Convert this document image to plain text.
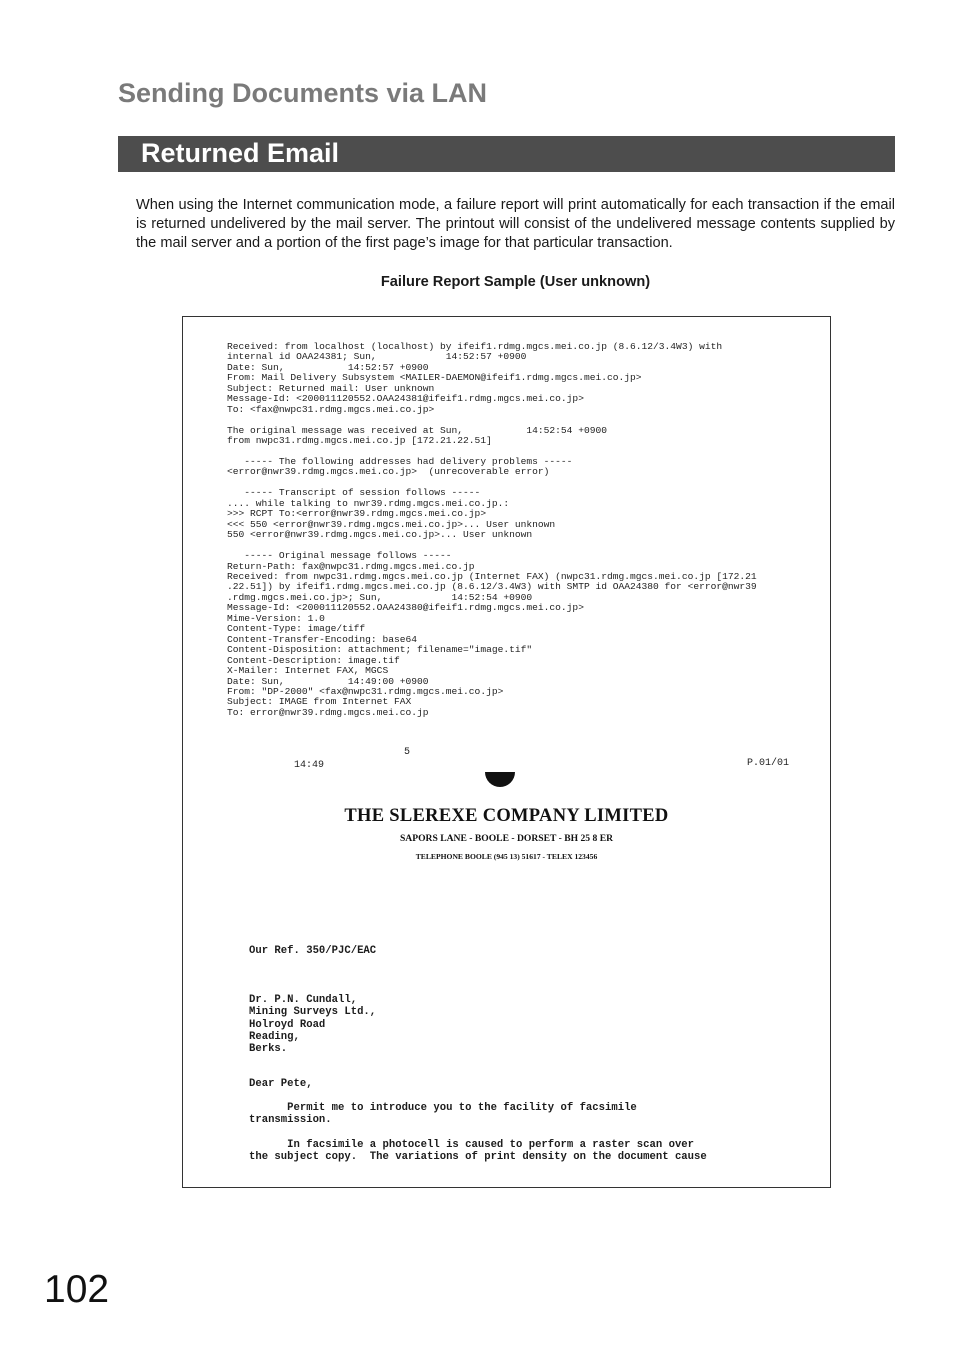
Sending Documents via LAN
Returned Email

When using the Internet communication mode, a failure report will print automatically for each transaction if the email is returned undelivered by the mail server. The printout will consist of the undelivered message contents supplied by the mail server and a portion of the first page’s image for that particular transaction.

Failure Report Sample (User unknown)

Received: from localhost (localhost) by ifeif1.rdmg.mgcs.mei.co.jp (8.6.12/3.4W3) with
internal id OAA24381; Sun,            14:52:57 +0900
Date: Sun,           14:52:57 +0900
From: Mail Delivery Subsystem <MAILER-DAEMON@ifeif1.rdmg.mgcs.mei.co.jp>
Subject: Returned mail: User unknown
Message-Id: <200011120552.OAA24381@ifeif1.rdmg.mgcs.mei.co.jp>
To: <fax@nwpc31.rdmg.mgcs.mei.co.jp>

The original message was received at Sun,           14:52:54 +0900
from nwpc31.rdmg.mgcs.mei.co.jp [172.21.22.51]

----- The following addresses had delivery problems -----
<error@nwr39.rdmg.mgcs.mei.co.jp>  (unrecoverable error)

----- Transcript of session follows -----
.... while talking to nwr39.rdmg.mgcs.mei.co.jp.:
>>> RCPT To:<error@nwr39.rdmg.mgcs.mei.co.jp>
<<< 550 <error@nwr39.rdmg.mgcs.mei.co.jp>... User unknown
550 <error@nwr39.rdmg.mgcs.mei.co.jp>... User unknown

----- Original message follows -----
Return-Path: fax@nwpc31.rdmg.mgcs.mei.co.jp
Received: from nwpc31.rdmg.mgcs.mei.co.jp (Internet FAX) (nwpc31.rdmg.mgcs.mei.co.jp [172.21
.22.51]) by ifeif1.rdmg.mgcs.mei.co.jp (8.6.12/3.4W3) with SMTP id OAA24380 for <error@nwr39
.rdmg.mgcs.mei.co.jp>; Sun,            14:52:54 +0900
Message-Id: <200011120552.OAA24380@ifeif1.rdmg.mgcs.mei.co.jp>
Mime-Version: 1.0
Content-Type: image/tiff
Content-Transfer-Encoding: base64
Content-Disposition: attachment; filename="image.tif"
Content-Description: image.tif
X-Mailer: Internet FAX, MGCS
Date: Sun,           14:49:00 +0900
From: "DP-2000" <fax@nwpc31.rdmg.mgcs.mei.co.jp>
Subject: IMAGE from Internet FAX
To: error@nwr39.rdmg.mgcs.mei.co.jp
5
14:49	P.01/01
THE SLEREXE COMPANY LIMITED
SAPORS LANE - BOOLE - DORSET - BH 25 8 ER
TELEPHONE BOOLE (945 13) 51617 - TELEX 123456
Our Ref. 350/PJC/EAC
Dr. P.N. Cundall,
Mining Surveys Ltd.,
Holroyd Road
Reading,
Berks.
Dear Pete,
Permit me to introduce you to the facility of facsimile
transmission.
In facsimile a photocell is caused to perform a raster scan over
the subject copy.  The variations of print density on the document cause

102
